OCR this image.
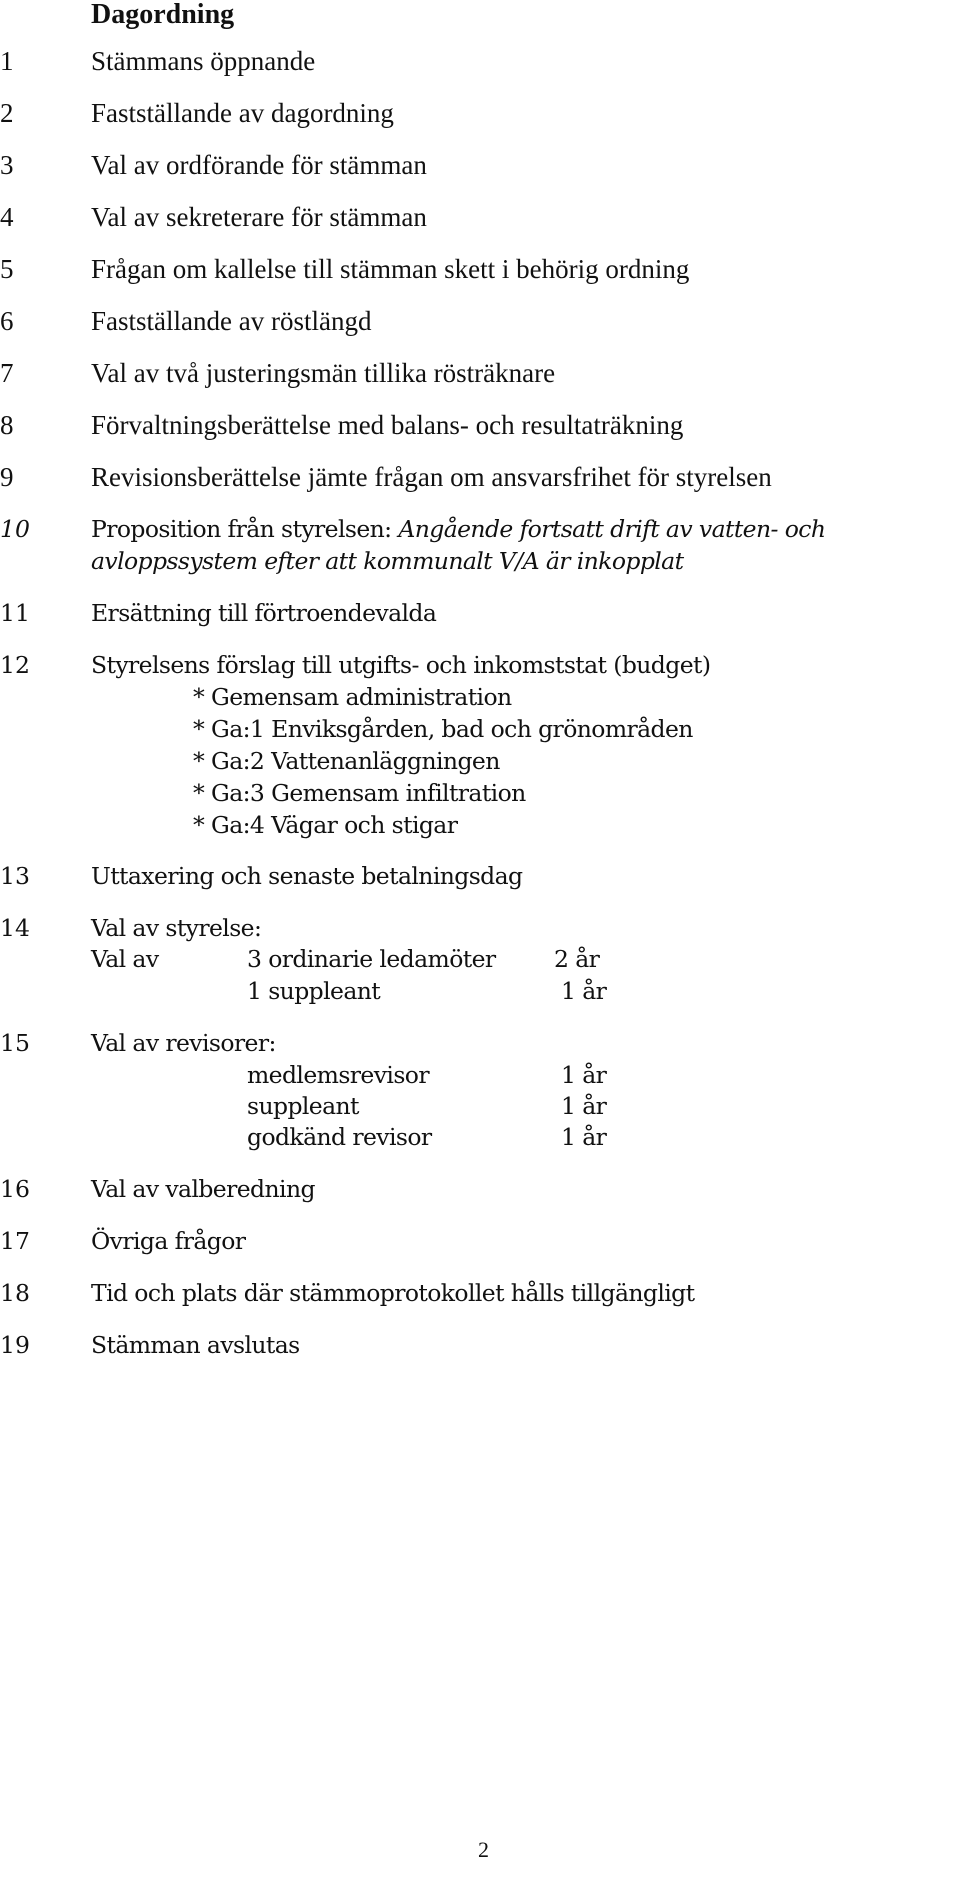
Dagordning
1	Stämmans öppnande
2	Fastställande av dagordning
3	Val av ordförande för stämman
4	Val av sekreterare för stämman
5	Frågan om kallelse till stämman skett i behörig ordning
6	Fastställande av röstlängd
7	Val av två justeringsmän tillika rösträknare
8	Förvaltningsberättelse med balans- och resultaträkning
9	Revisionsberättelse jämte frågan om ansvarsfrihet för styrelsen
10	Proposition från styrelsen: Angående fortsatt drift av vatten- och
avloppssystem efter att kommunalt V/A är inkopplat
11	Ersättning till förtroendevalda
12	Styrelsens förslag till utgifts- och inkomststat (budget)
* Gemensam administration
* Ga:1 Enviksgården, bad och grönområden
* Ga:2 Vattenanläggningen
* Ga:3 Gemensam infiltration
* Ga:4 Vägar och stigar
13	Uttaxering och senaste betalningsdag
14	Val av styrelse:
Val av	3 ordinarie ledamöter 2 år
1 suppleant	1 år
15	Val av revisorer:
medlemsrevisor	1 år
suppleant	1 år
godkänd revisor	1 år
16	Val av valberedning
17	Övriga frågor
18	Tid och plats där stämmoprotokollet hålls tillgängligt
19	Stämman avslutas
2
